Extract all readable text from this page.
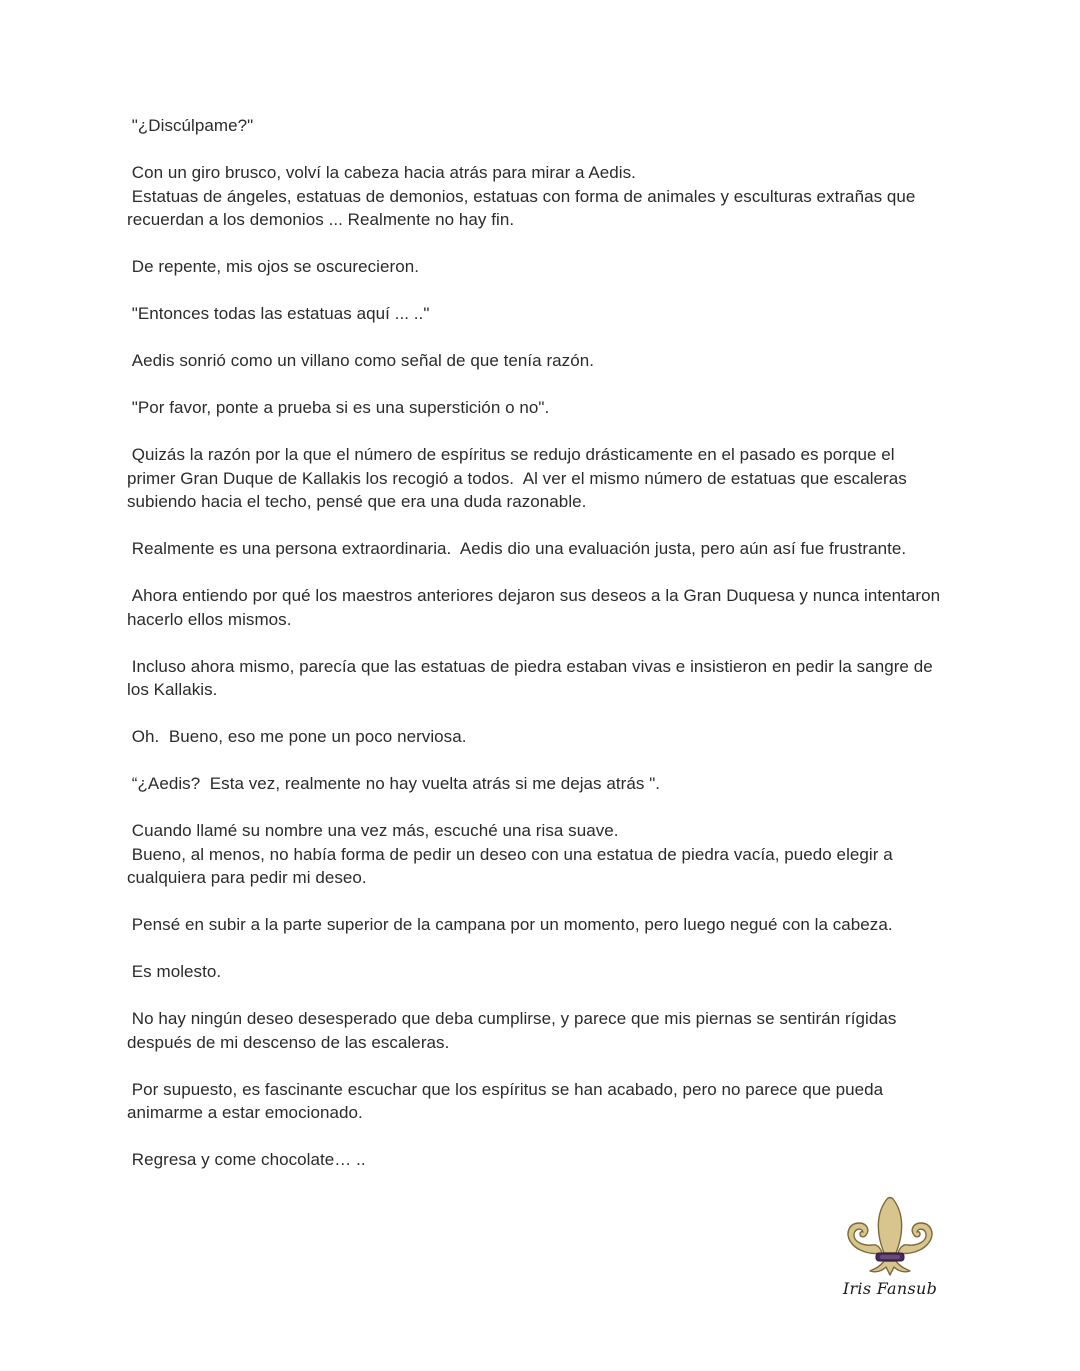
"¿Discúlpame?"
Con un giro brusco, volví la cabeza hacia atrás para mirar a Aedis.
Estatuas de ángeles, estatuas de demonios, estatuas con forma de animales y esculturas extrañas que recuerdan a los demonios ... Realmente no hay fin.
De repente, mis ojos se oscurecieron.
"Entonces todas las estatuas aquí ... .."
Aedis sonrió como un villano como señal de que tenía razón.
"Por favor, ponte a prueba si es una superstición o no".
Quizás la razón por la que el número de espíritus se redujo drásticamente en el pasado es porque el primer Gran Duque de Kallakis los recogió a todos.  Al ver el mismo número de estatuas que escaleras subiendo hacia el techo, pensé que era una duda razonable.
Realmente es una persona extraordinaria.  Aedis dio una evaluación justa, pero aún así fue frustrante.
Ahora entiendo por qué los maestros anteriores dejaron sus deseos a la Gran Duquesa y nunca intentaron hacerlo ellos mismos.
Incluso ahora mismo, parecía que las estatuas de piedra estaban vivas e insistieron en pedir la sangre de los Kallakis.
Oh.  Bueno, eso me pone un poco nerviosa.
“¿Aedis?  Esta vez, realmente no hay vuelta atrás si me dejas atrás ".
Cuando llamé su nombre una vez más, escuché una risa suave.
Bueno, al menos, no había forma de pedir un deseo con una estatua de piedra vacía, puedo elegir a cualquiera para pedir mi deseo.
Pensé en subir a la parte superior de la campana por un momento, pero luego negué con la cabeza.
Es molesto.
No hay ningún deseo desesperado que deba cumplirse, y parece que mis piernas se sentirán rígidas después de mi descenso de las escaleras.
Por supuesto, es fascinante escuchar que los espíritus se han acabado, pero no parece que pueda animarme a estar emocionado.
Regresa y come chocolate… ..
Iris Fansub
